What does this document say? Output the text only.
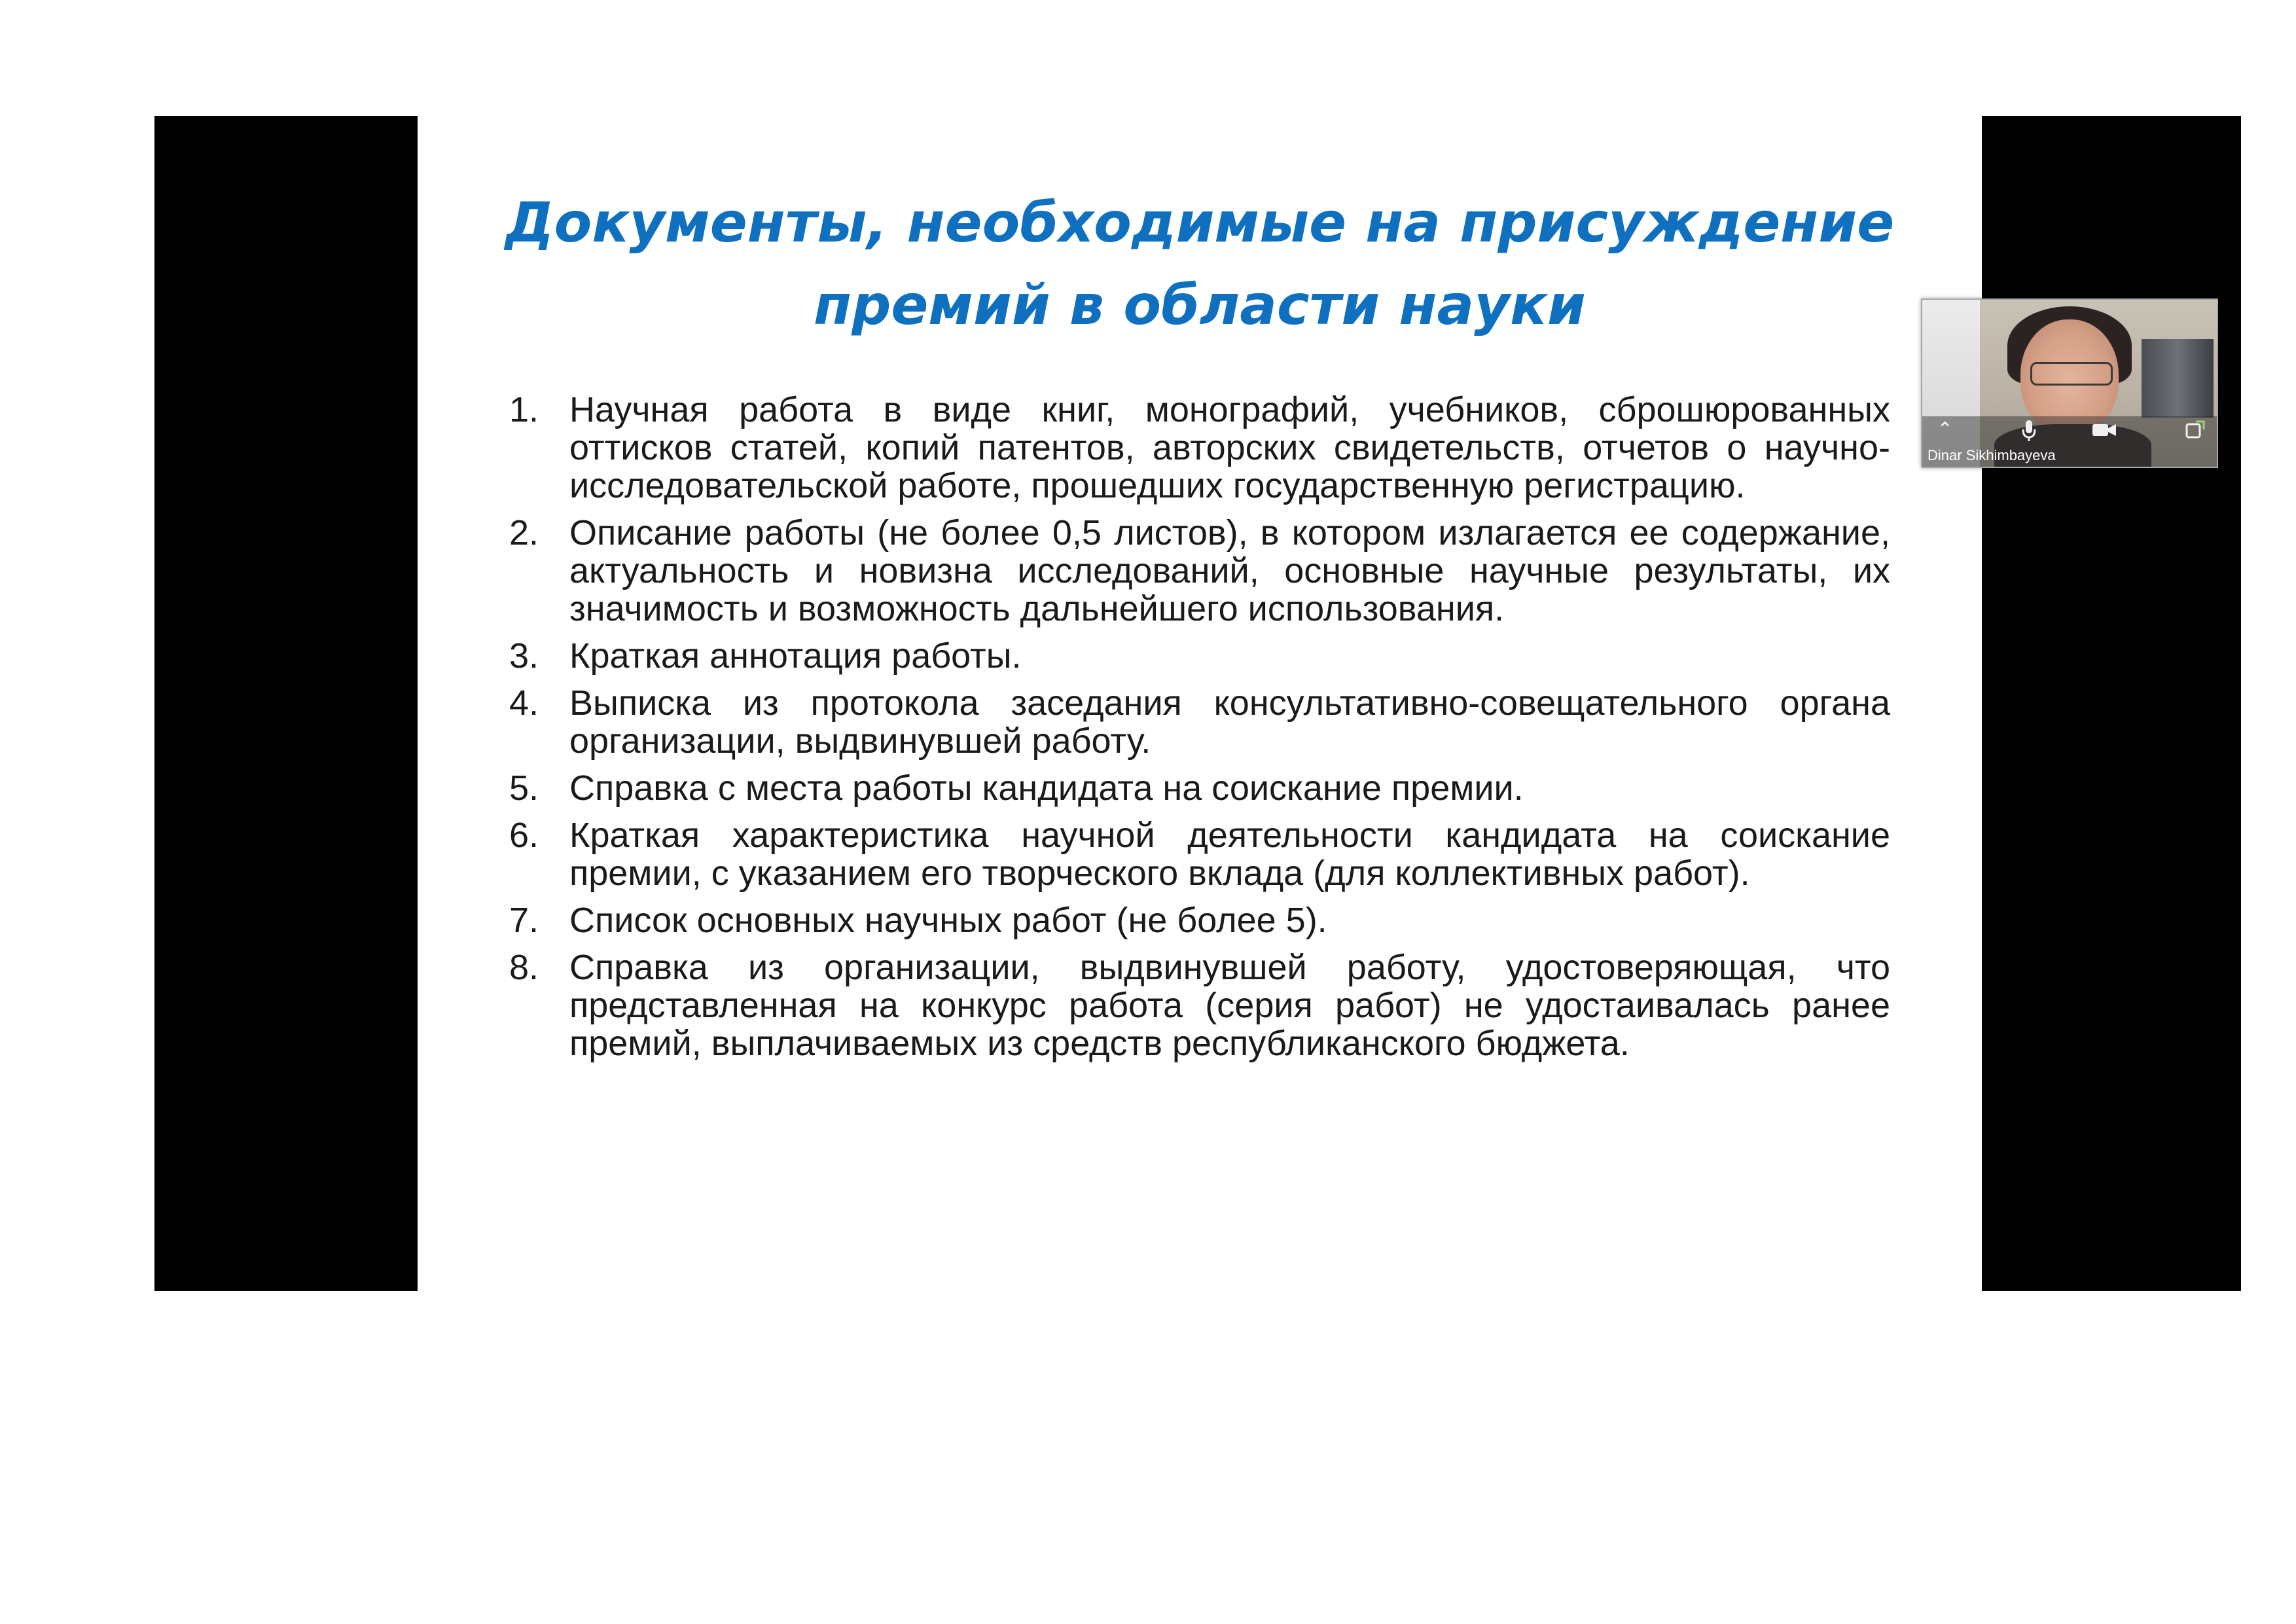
Документы, необходимые на присуждение
премий в области науки
1. Научная работа в виде книг, монографий, учебников, сброшюрованных оттисков статей, копий патентов, авторских свидетельств, отчетов о научно-исследовательской работе, прошедших государственную регистрацию.
2. Описание работы (не более 0,5 листов), в котором излагается ее содержание, актуальность и новизна исследований, основные научные результаты, их значимость и возможность дальнейшего использования.
3. Краткая аннотация работы.
4. Выписка из протокола заседания консультативно-совещательного органа организации, выдвинувшей работу.
5. Справка с места работы кандидата на соискание премии.
6. Краткая характеристика научной деятельности кандидата на соискание премии, с указанием его творческого вклада (для коллективных работ).
7. Список основных научных работ (не более 5).
8. Справка из организации, выдвинувшей работу, удостоверяющая, что представленная на конкурс работа (серия работ) не удостаивалась ранее премий, выплачиваемых из средств республиканского бюджета.
⌃
Dinar Sikhimbayeva
